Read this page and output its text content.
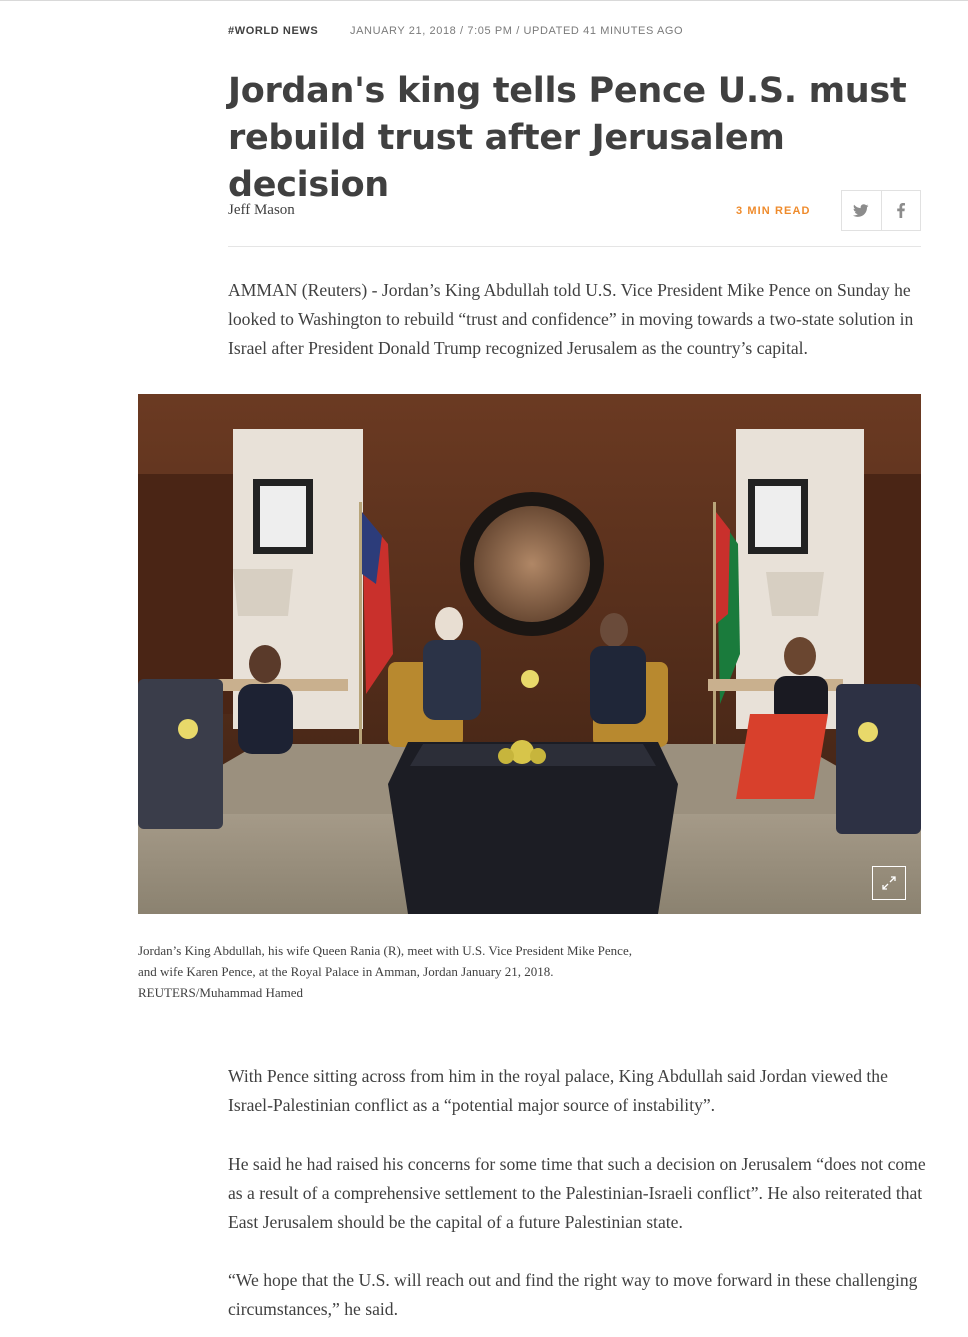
#WORLD NEWS	JANUARY 21, 2018 / 7:05 PM / UPDATED 41 MINUTES AGO
Jordan's king tells Pence U.S. must rebuild trust after Jerusalem decision
Jeff Mason	3 MIN READ

AMMAN (Reuters) - Jordan’s King Abdullah told U.S. Vice President Mike Pence on Sunday he looked to Washington to rebuild “trust and confidence” in moving towards a two-state solution in Israel after President Donald Trump recognized Jerusalem as the country’s capital.

Jordan’s King Abdullah, his wife Queen Rania (R), meet with U.S. Vice President Mike Pence,
and wife Karen Pence, at the Royal Palace in Amman, Jordan January 21, 2018.
REUTERS/Muhammad Hamed

With Pence sitting across from him in the royal palace, King Abdullah said Jordan viewed the Israel-Palestinian conflict as a “potential major source of instability”.

He said he had raised his concerns for some time that such a decision on Jerusalem “does not come as a result of a comprehensive settlement to the Palestinian-Israeli conflict”. He also reiterated that East Jerusalem should be the capital of a future Palestinian state.

“We hope that the U.S. will reach out and find the right way to move forward in these challenging circumstances,” he said.
